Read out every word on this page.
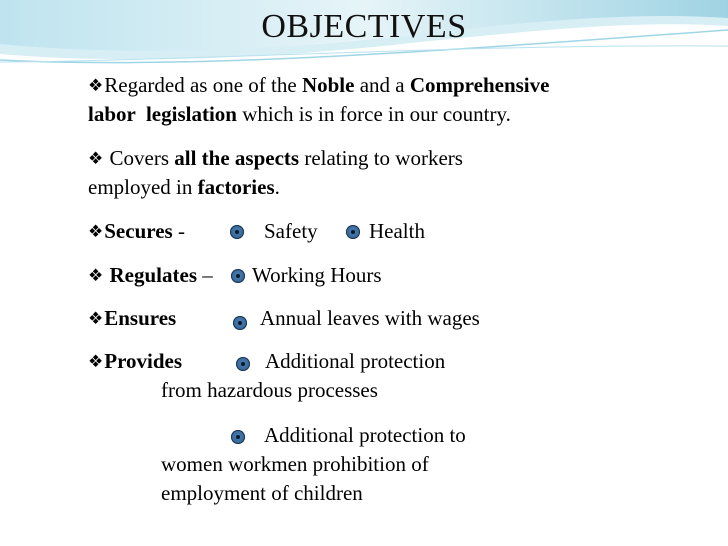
OBJECTIVES
❖Regarded as one of the Noble and a Comprehensive
labor  legislation which is in force in our country.
❖ Covers all the aspects relating to workers
employed in factories.
❖Secures -	Safety Health
❖ Regulates – Working Hours
❖Ensures	Annual leaves with wages
❖Provides	Additional protection
from hazardous processes
Additional protection to
women workmen prohibition of
employment of children
